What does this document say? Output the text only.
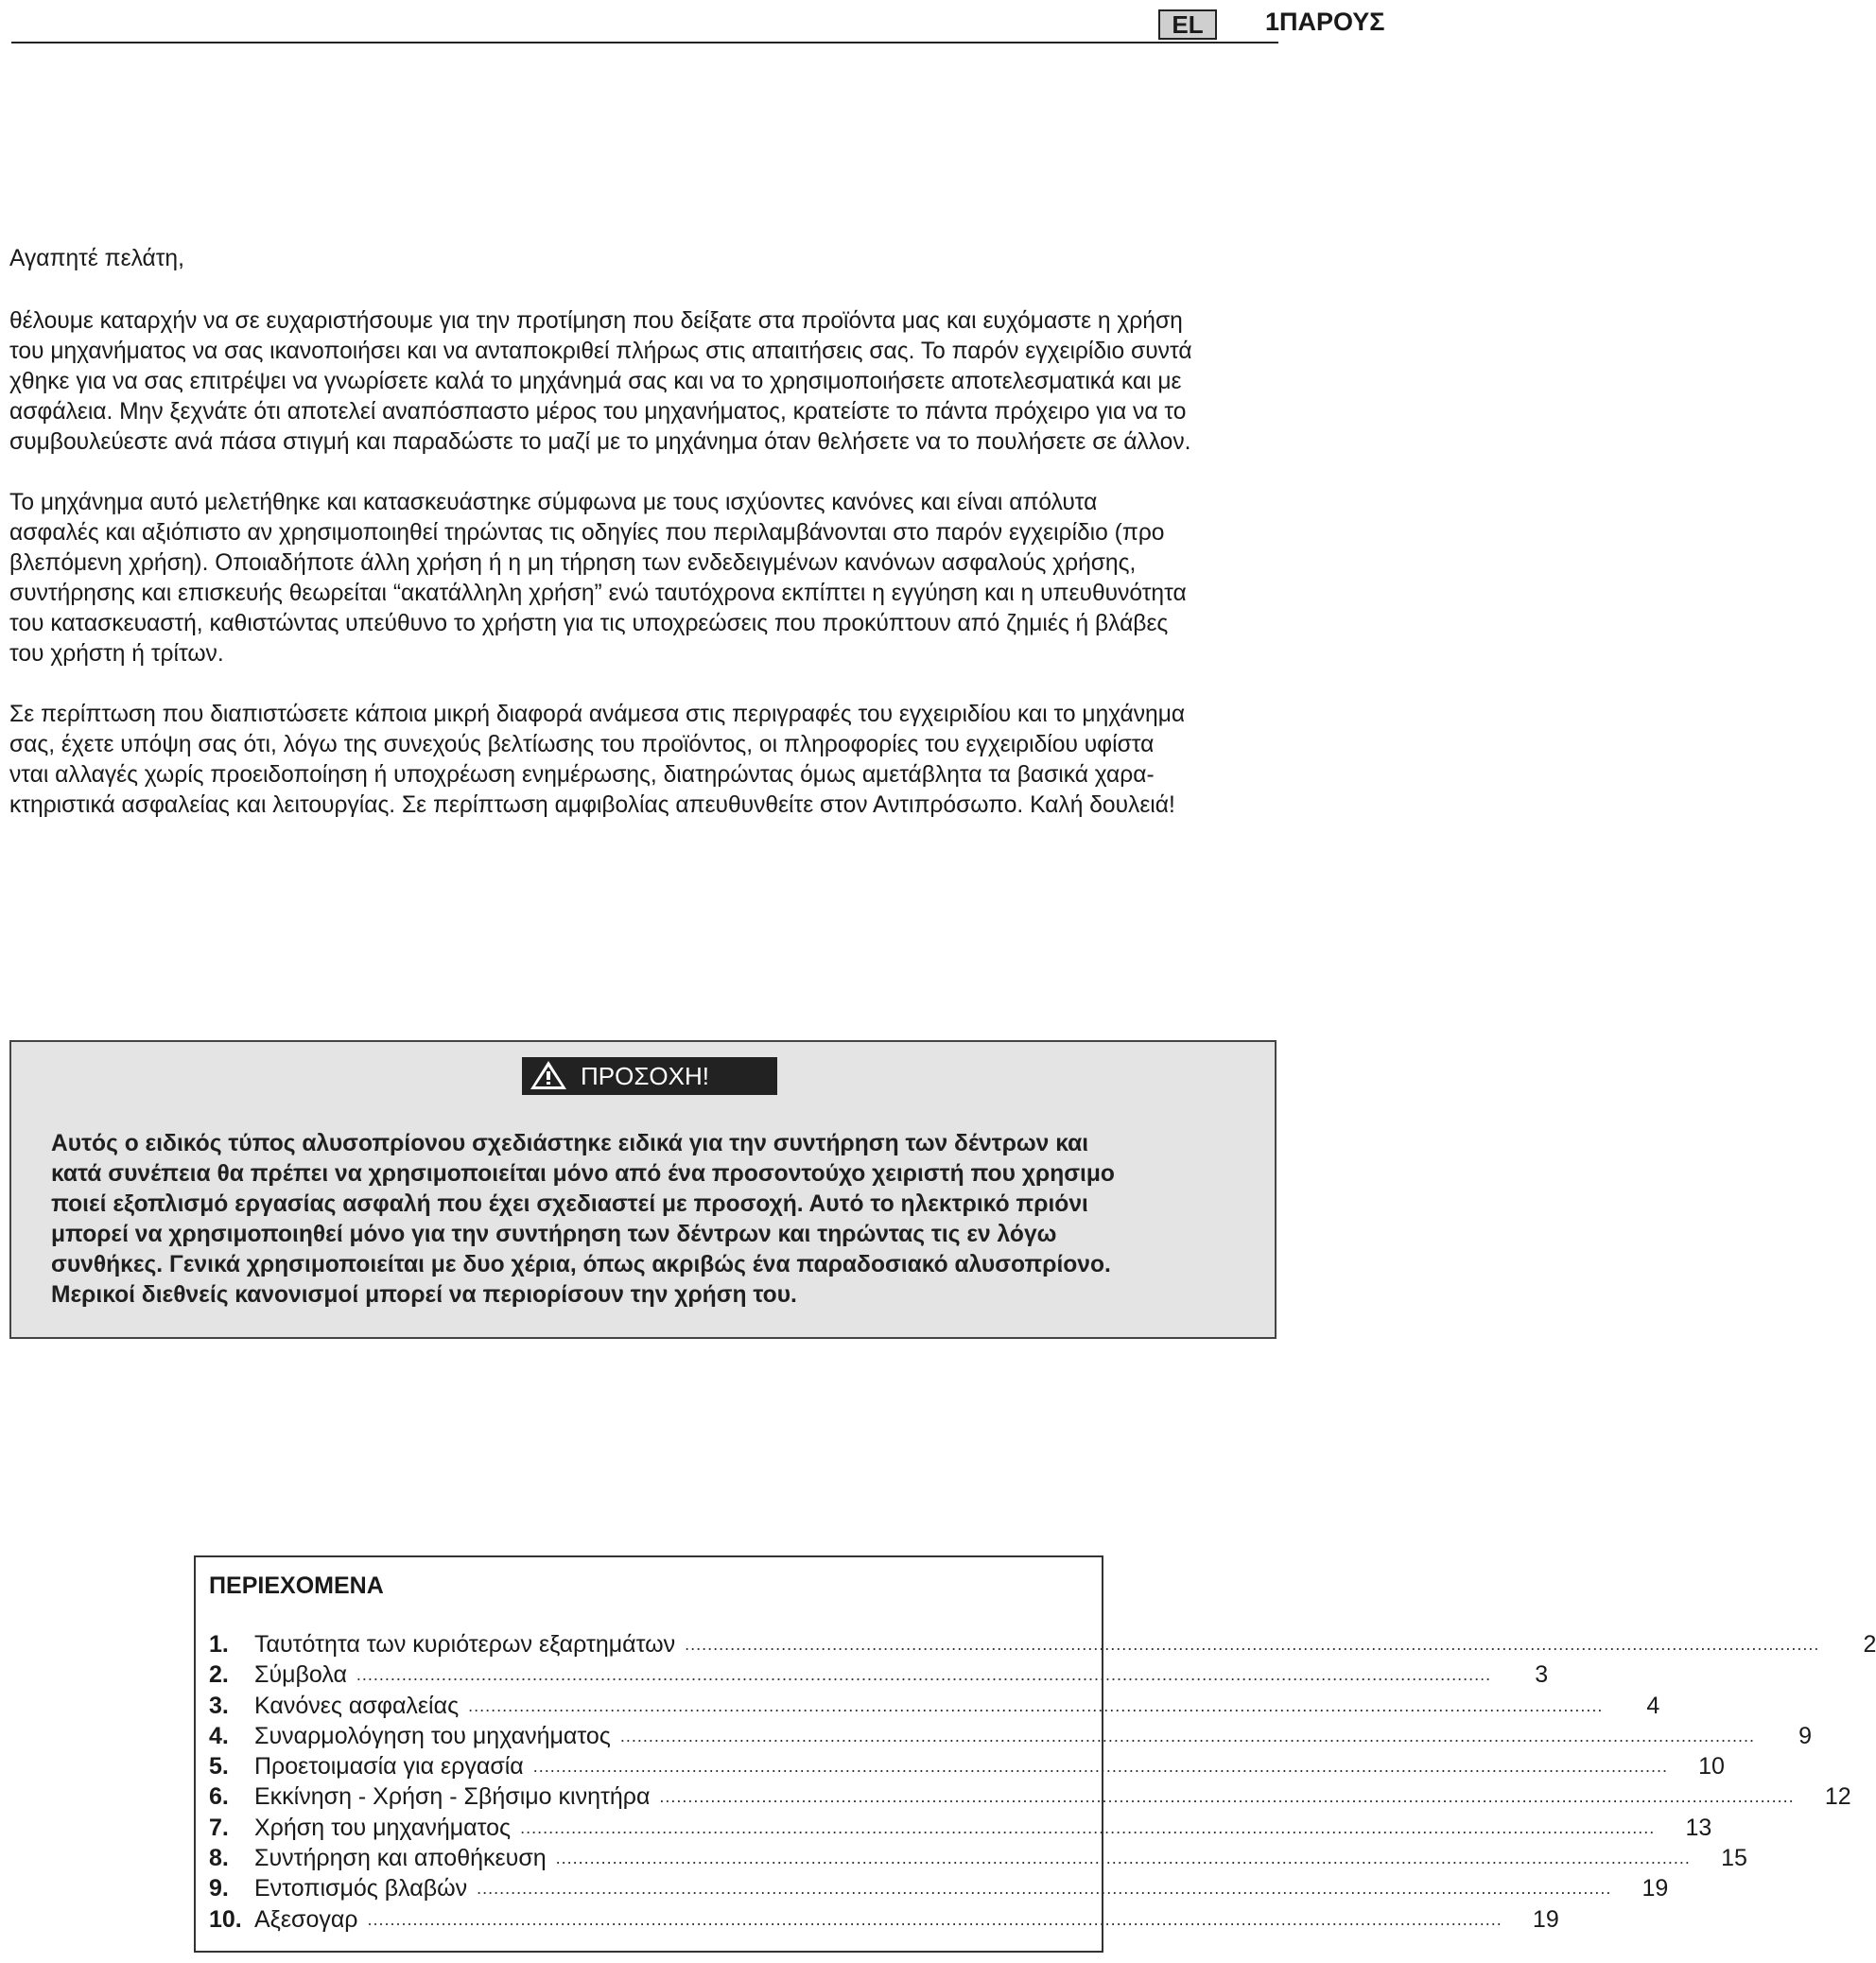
EL	1ΠΑΡΟΥΣ

Αγαπητέ πελάτη,

θέλουμε καταρχήν να σε ευχαριστήσουμε για την προτίμηση που δείξατε στα προϊόντα μας και ευχόμαστε η χρήση
του μηχανήματος να σας ικανοποιήσει και να ανταποκριθεί πλήρως στις απαιτήσεις σας. Το παρόν εγχειρίδιο συντά
χθηκε για να σας επιτρέψει να γνωρίσετε καλά το μηχάνημά σας και να το χρησιμοποιήσετε αποτελεσματικά και με
ασφάλεια. Μην ξεχνάτε ότι αποτελεί αναπόσπαστο μέρος του μηχανήματος, κρατείστε το πάντα πρόχειρο για να το
συμβουλεύεστε ανά πάσα στιγμή και παραδώστε το μαζί με το μηχάνημα όταν θελήσετε να το πουλήσετε σε άλλον.

Το μηχάνημα αυτό μελετήθηκε και κατασκευάστηκε σύμφωνα με τους ισχύοντες κανόνες και είναι απόλυτα
ασφαλές και αξιόπιστο αν χρησιμοποιηθεί τηρώντας τις οδηγίες που περιλαμβάνονται στο παρόν εγχειρίδιο (προ
βλεπόμενη χρήση). Οποιαδήποτε άλλη χρήση ή η μη τήρηση των ενδεδειγμένων κανόνων ασφαλούς χρήσης,
συντήρησης και επισκευής θεωρείται “ακατάλληλη χρήση” ενώ ταυτόχρονα εκπίπτει η εγγύηση και η υπευθυνότητα
του κατασκευαστή, καθιστώντας υπεύθυνο το χρήστη για τις υποχρεώσεις που προκύπτουν από ζημιές ή βλάβες
του χρήστη ή τρίτων.

Σε περίπτωση που διαπιστώσετε κάποια μικρή διαφορά ανάμεσα στις περιγραφές του εγχειριδίου και το μηχάνημα
σας, έχετε υπόψη σας ότι, λόγω της συνεχούς βελτίωσης του προϊόντος, οι πληροφορίες του εγχειριδίου υφίστα
νται αλλαγές χωρίς προειδοποίηση ή υποχρέωση ενημέρωσης, διατηρώντας όμως αμετάβλητα τα βασικά χαρα-
κτηριστικά ασφαλείας και λειτουργίας. Σε περίπτωση αμφιβολίας απευθυνθείτε στον Αντιπρόσωπο. Καλή δουλειά!

ΠΡΟΣΟΧΗ!
Αυτός ο ειδικός τύπος αλυσοπρίονου σχεδιάστηκε ειδικά για την συντήρηση των δέντρων και
κατά συνέπεια θα πρέπει να χρησιμοποιείται μόνο από ένα προσοντούχο χειριστή που χρησιμο
ποιεί εξοπλισμό εργασίας ασφαλή που έχει σχεδιαστεί με προσοχή. Αυτό το ηλεκτρικό πριόνι
μπορεί να χρησιμοποιηθεί μόνο για την συντήρηση των δέντρων και τηρώντας τις εν λόγω
συνθήκες. Γενικά χρησιμοποιείται με δυο χέρια, όπως ακριβώς ένα παραδοσιακό αλυσοπρίονο.
Μερικοί διεθνείς κανονισμοί μπορεί να περιορίσουν την χρήση του.
ΠΕΡΙΕΧΟΜΕΝΑ
1.	Ταυτότητα των κυριότερων εξαρτημάτων ........................................................................................................................................................................................................	2
2.	Σύμβολα ........................................................................................................................................................................................................	3
3.	Κανόνες ασφαλείας ........................................................................................................................................................................................................	4
4.	Συναρμολόγηση του μηχανήματος ........................................................................................................................................................................................................	9
5.	Προετοιμασία για εργασία ........................................................................................................................................................................................................	10
6.	Εκκίνηση - Χρήση - Σβήσιμο κινητήρα ........................................................................................................................................................................................................	12
7.	Χρήση του μηχανήματος ........................................................................................................................................................................................................	13
8.	Συντήρηση και αποθήκευση ........................................................................................................................................................................................................	15
9.	Εντοπισμός βλαβών ........................................................................................................................................................................................................	19
10. Αξεσογαρ ........................................................................................................................................................................................................	19
